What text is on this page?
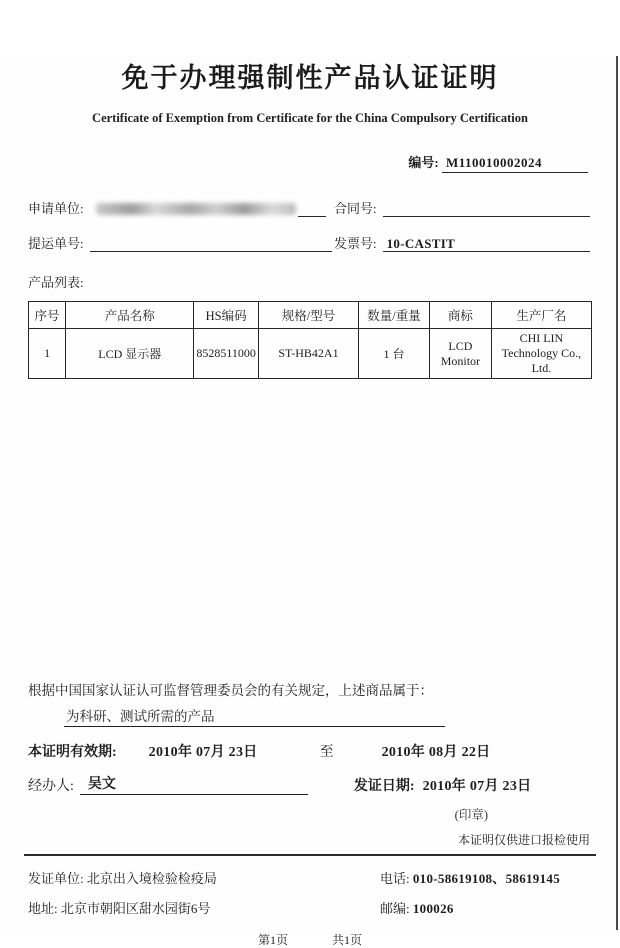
免于办理强制性产品认证证明
Certificate of Exemption from Certificate for the China Compulsory Certification
编号: M110010002024
申请单位:	合同号:
提运单号:	发票号: 10-CASTIT
产品列表:
序号	产品名称	HS编码	规格/型号	数量/重量	商标	生产厂名
1	LCD 显示器	8528511000	ST-HB42A1	1 台	LCD Monitor	CHI LIN Technology Co., Ltd.
根据中国国家认证认可监督管理委员会的有关规定，上述商品属于：
为科研、测试所需的产品
本证明有效期: 2010年 07月 23日	至	2010年 08月 22日
经办人:	吴文	发证日期: 2010年 07月 23日
(印章)
本证明仅供进口报检使用
发证单位: 北京出入境检验检疫局	电话: 010-58619108、58619145
地址: 北京市朝阳区甜水园街6号	邮编: 100026
第1页	共1页
